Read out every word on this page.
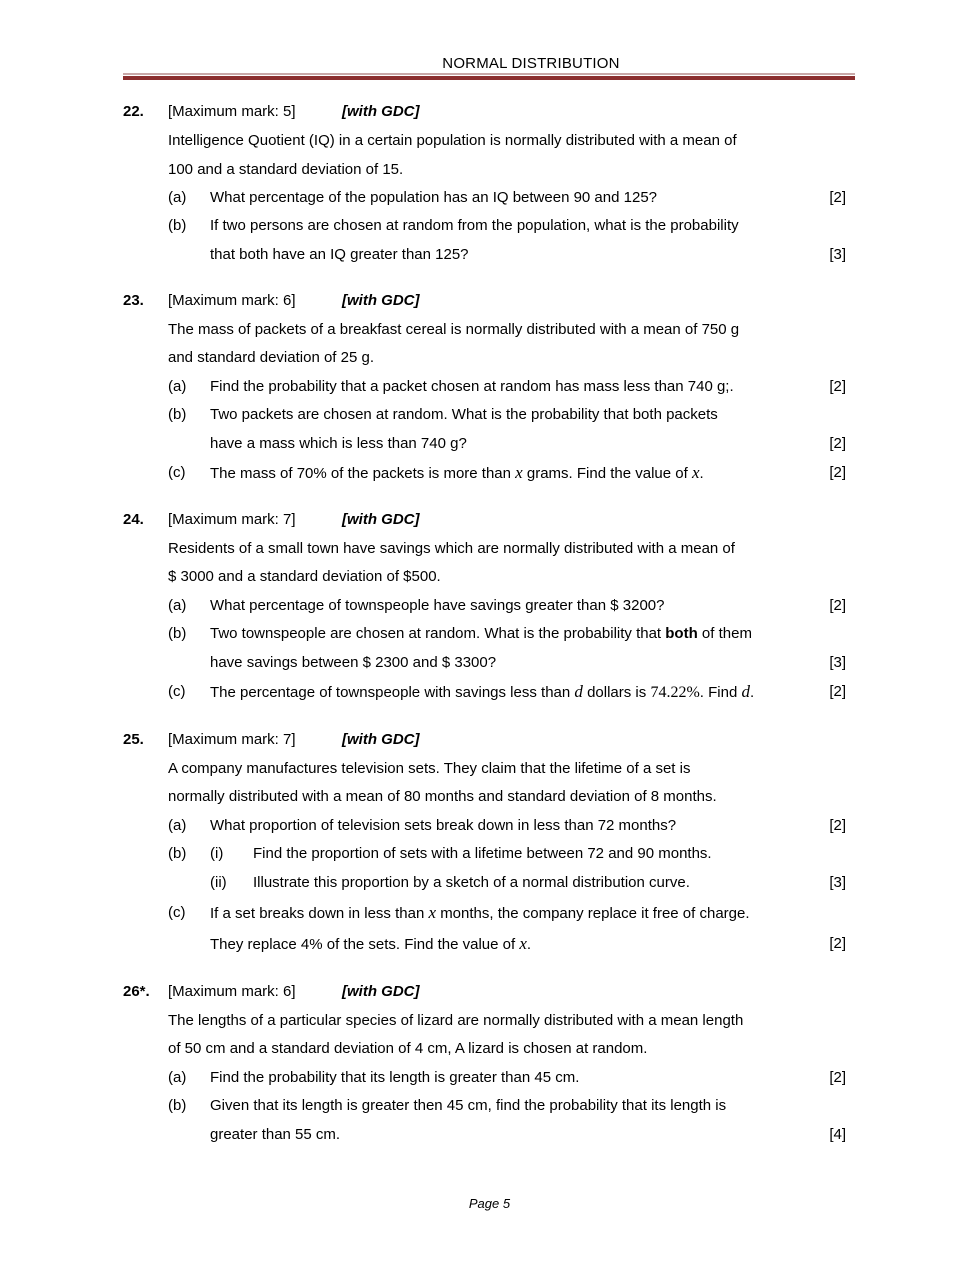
NORMAL DISTRIBUTION
22. [Maximum mark: 5]	[with GDC]
Intelligence Quotient (IQ) in a certain population is normally distributed with a mean of
100 and a standard deviation of 15.
(a) What percentage of the population has an IQ between 90 and 125?	[2]
(b) If two persons are chosen at random from the population, what is the probability
that both have an IQ greater than 125?	[3]
23. [Maximum mark: 6]	[with GDC]
The mass of packets of a breakfast cereal is normally distributed with a mean of 750 g
and standard deviation of 25 g.
(a) Find the probability that a packet chosen at random has mass less than 740 g;.	[2]
(b) Two packets are chosen at random. What is the probability that both packets
have a mass which is less than 740 g?	[2]
(c) The mass of 70% of the packets is more than x grams. Find the value of x.	[2]
24. [Maximum mark: 7]	[with GDC]
Residents of a small town have savings which are normally distributed with a mean of
$ 3000 and a standard deviation of $500.
(a) What percentage of townspeople have savings greater than $ 3200?	[2]
(b) Two townspeople are chosen at random. What is the probability that both of them
have savings between $ 2300 and $ 3300?	[3]
(c) The percentage of townspeople with savings less than d dollars is 74.22%. Find d.	[2]
25. [Maximum mark: 7]	[with GDC]
A company manufactures television sets. They claim that the lifetime of a set is
normally distributed with a mean of 80 months and standard deviation of 8 months.
(a) What proportion of television sets break down in less than 72 months?	[2]
(b) (i) Find the proportion of sets with a lifetime between 72 and 90 months.
(ii) Illustrate this proportion by a sketch of a normal distribution curve.	[3]
(c) If a set breaks down in less than x months, the company replace it free of charge.
They replace 4% of the sets. Find the value of x.	[2]
26*. [Maximum mark: 6]	[with GDC]
The lengths of a particular species of lizard are normally distributed with a mean length
of 50 cm and a standard deviation of 4 cm, A lizard is chosen at random.
(a) Find the probability that its length is greater than 45 cm.	[2]
(b) Given that its length is greater then 45 cm, find the probability that its length is
greater than 55 cm.	[4]
Page 5
